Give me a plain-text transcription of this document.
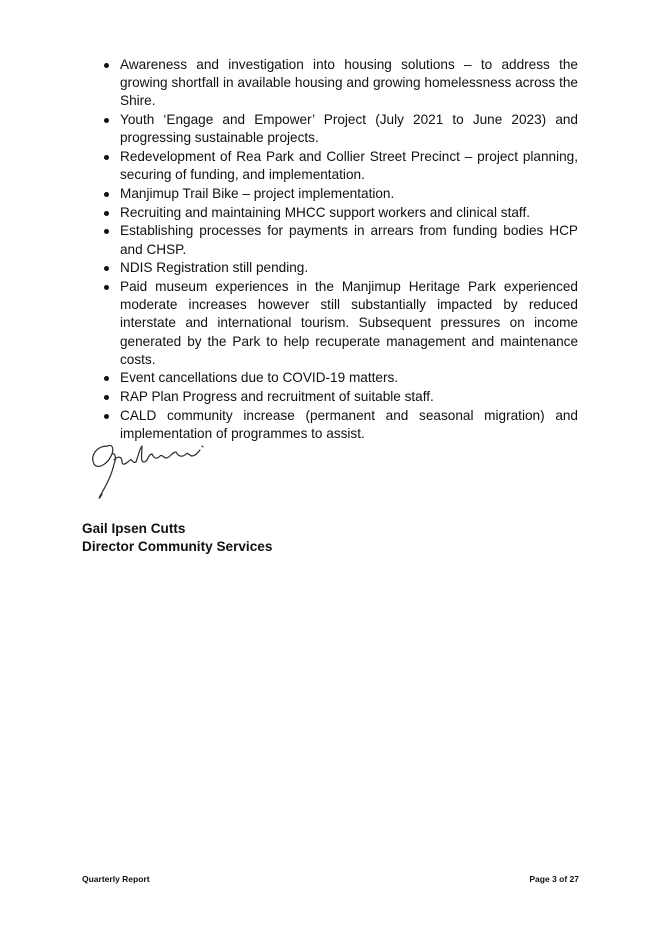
Awareness and investigation into housing solutions – to address the growing shortfall in available housing and growing homelessness across the Shire.
Youth ‘Engage and Empower’ Project (July 2021 to June 2023) and progressing sustainable projects.
Redevelopment of Rea Park and Collier Street Precinct – project planning, securing of funding, and implementation.
Manjimup Trail Bike – project implementation.
Recruiting and maintaining MHCC support workers and clinical staff.
Establishing processes for payments in arrears from funding bodies HCP and CHSP.
NDIS Registration still pending.
Paid museum experiences in the Manjimup Heritage Park experienced moderate increases however still substantially impacted by reduced interstate and international tourism. Subsequent pressures on income generated by the Park to help recuperate management and maintenance costs.
Event cancellations due to COVID-19 matters.
RAP Plan Progress and recruitment of suitable staff.
CALD community increase (permanent and seasonal migration) and implementation of programmes to assist.
Gail Ipsen Cutts
Director Community Services
Quarterly Report	Page 3 of 27
